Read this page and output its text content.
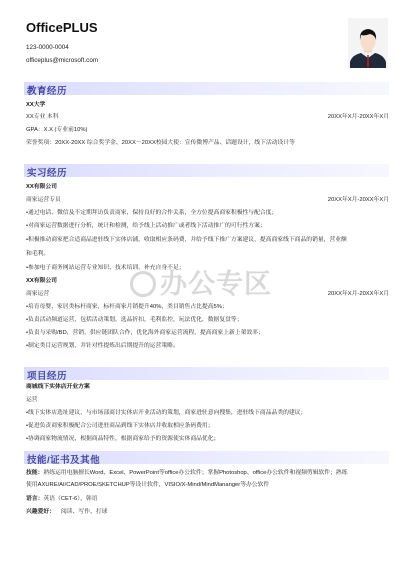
OfficePLUS
123-0000-0004
officeplus@microsoft.com
教育经历
XX大学
XX专业 本科	20XX年X月-20XX年X月
GPA：X.X (专业前10%)
荣誉奖项：20XX-20XX 综合奖学金、20XX－20XX校园大使：宣传微博产品、话题设计，线下活动设计等
实习经历
XX有限公司
商家运营专员	20XX年X月-20XX年X月
•通过电话、微信及不定期拜访负责商家，保持良好的合作关系，全方位提高商家积极性与配合度；
•对商家运营数据进行分析，统计和检测，给予线上活动推广或者线下活动推广的可行性方案；
•积极推动商家把合适商品进驻线下实体店铺，收取相应条码费，并给予线下推广方案建议，提高商家线下商品的销量，营业额
和毛利。
•参加电子商务网站运营专业知识、技术培训，补充自身不足；
XX有限公司
商家运营	20XX年X月-20XX年X月
•培育母婴、家居类标杆商家，标杆商家月销提升40%，类目销售占比提高5%；
•负责活动频道运营，包括活动策划，选品折扣，毛利监控，玩法优化，数据复盘等；
•负责与采购/BD，营销，供应链团队合作，优化海外商家运营流程，提高商家上新上架效率；
•制定类目运营规划，并针对性提炼出后期提升的运营策略。
项目经历
商城线下实体店开业方案
运营
•线下实体店选址建议，与市场部商讨实体店开业活动的策划，商家进驻意向搜集，进驻线下商品品类的建议；
•促进负责商家积极配合公司进驻商品到线下实体店并收取相应条码费用；
•协调商家物流情况，根据商品特性，根据商家给予的资源使实体商品优化；
技能/证书及其他
技能：熟练运用电脑擅长Word、Excel、PowerPoint等office办公软件；掌握Photoshop、office办公软件和视频剪辑软件；熟练
使用AXURE/AI/CAD/PROE/SKETCHUP等设计软件，VISIO/X-Mind/MindMananger等办公软件
语言：英语（CET-6），韩语
兴趣爱好： 阅读、写作、打球
办公专区
